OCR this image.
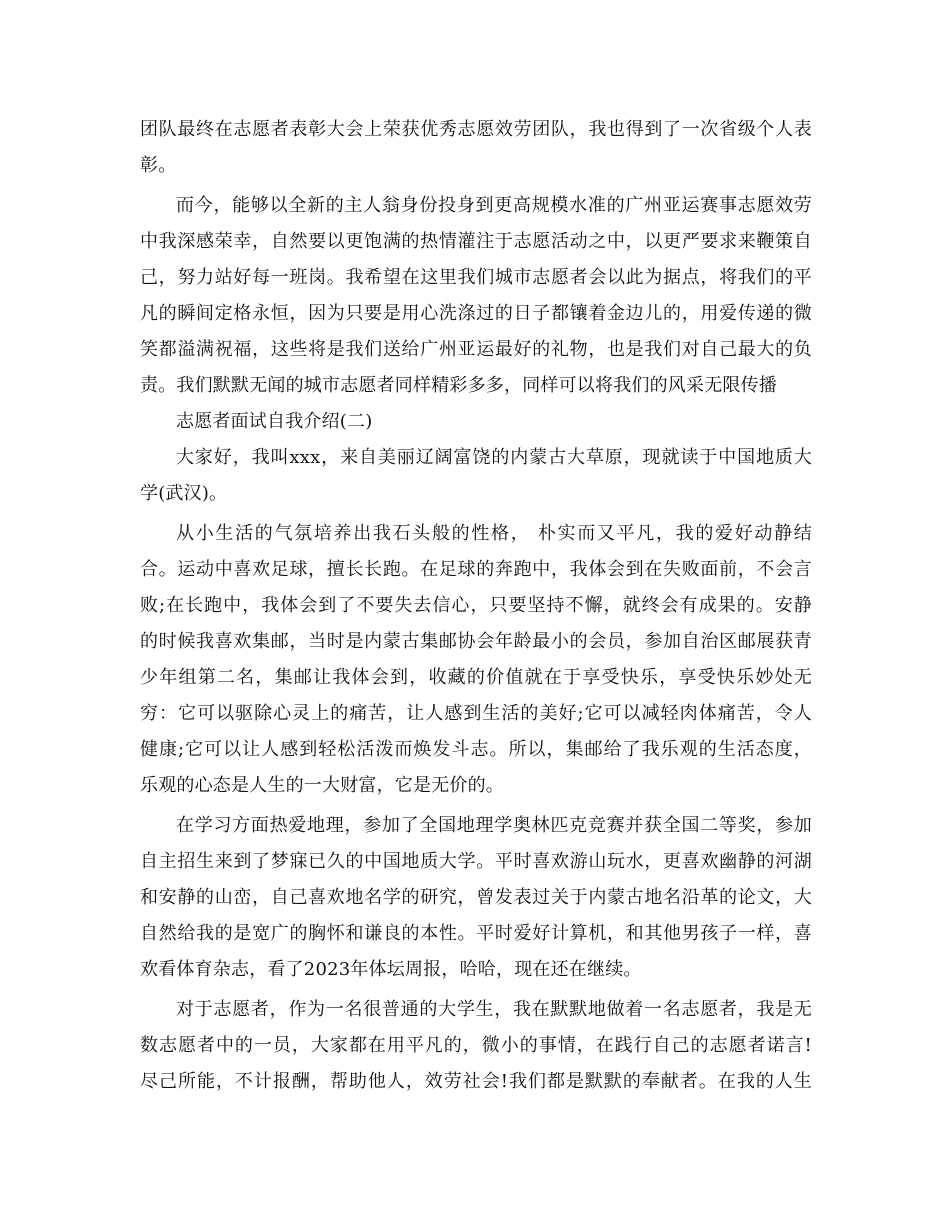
团队最终在志愿者表彰大会上荣获优秀志愿效劳团队，我也得到了一次省级个人表
彰。
而今，能够以全新的主人翁身份投身到更高规模水准的广州亚运赛事志愿效劳
中我深感荣幸，自然要以更饱满的热情灌注于志愿活动之中，以更严要求来鞭策自
己，努力站好每一班岗。我希望在这里我们城市志愿者会以此为据点，将我们的平
凡的瞬间定格永恒，因为只要是用心洗涤过的日子都镶着金边儿的，用爱传递的微
笑都溢满祝福，这些将是我们送给广州亚运最好的礼物，也是我们对自己最大的负
责。我们默默无闻的城市志愿者同样精彩多多，同样可以将我们的风采无限传播
志愿者面试自我介绍(二)
大家好，我叫xxx，来自美丽辽阔富饶的内蒙古大草原，现就读于中国地质大
学(武汉)。
从小生活的气氛培养出我石头般的性格， 朴实而又平凡，我的爱好动静结
合。运动中喜欢足球，擅长长跑。在足球的奔跑中，我体会到在失败面前，不会言
败;在长跑中，我体会到了不要失去信心，只要坚持不懈，就终会有成果的。安静
的时候我喜欢集邮，当时是内蒙古集邮协会年龄最小的会员，参加自治区邮展获青
少年组第二名，集邮让我体会到，收藏的价值就在于享受快乐，享受快乐妙处无
穷：它可以驱除心灵上的痛苦，让人感到生活的美好;它可以减轻肉体痛苦，令人
健康;它可以让人感到轻松活泼而焕发斗志。所以，集邮给了我乐观的生活态度，
乐观的心态是人生的一大财富，它是无价的。
在学习方面热爱地理，参加了全国地理学奥林匹克竞赛并获全国二等奖，参加
自主招生来到了梦寐已久的中国地质大学。平时喜欢游山玩水，更喜欢幽静的河湖
和安静的山峦，自己喜欢地名学的研究，曾发表过关于内蒙古地名沿革的论文，大
自然给我的是宽广的胸怀和谦良的本性。平时爱好计算机，和其他男孩子一样，喜
欢看体育杂志，看了2023年体坛周报，哈哈，现在还在继续。
对于志愿者，作为一名很普通的大学生，我在默默地做着一名志愿者，我是无
数志愿者中的一员，大家都在用平凡的，微小的事情，在践行自己的志愿者诺言!
尽己所能，不计报酬，帮助他人，效劳社会!我们都是默默的奉献者。在我的人生
